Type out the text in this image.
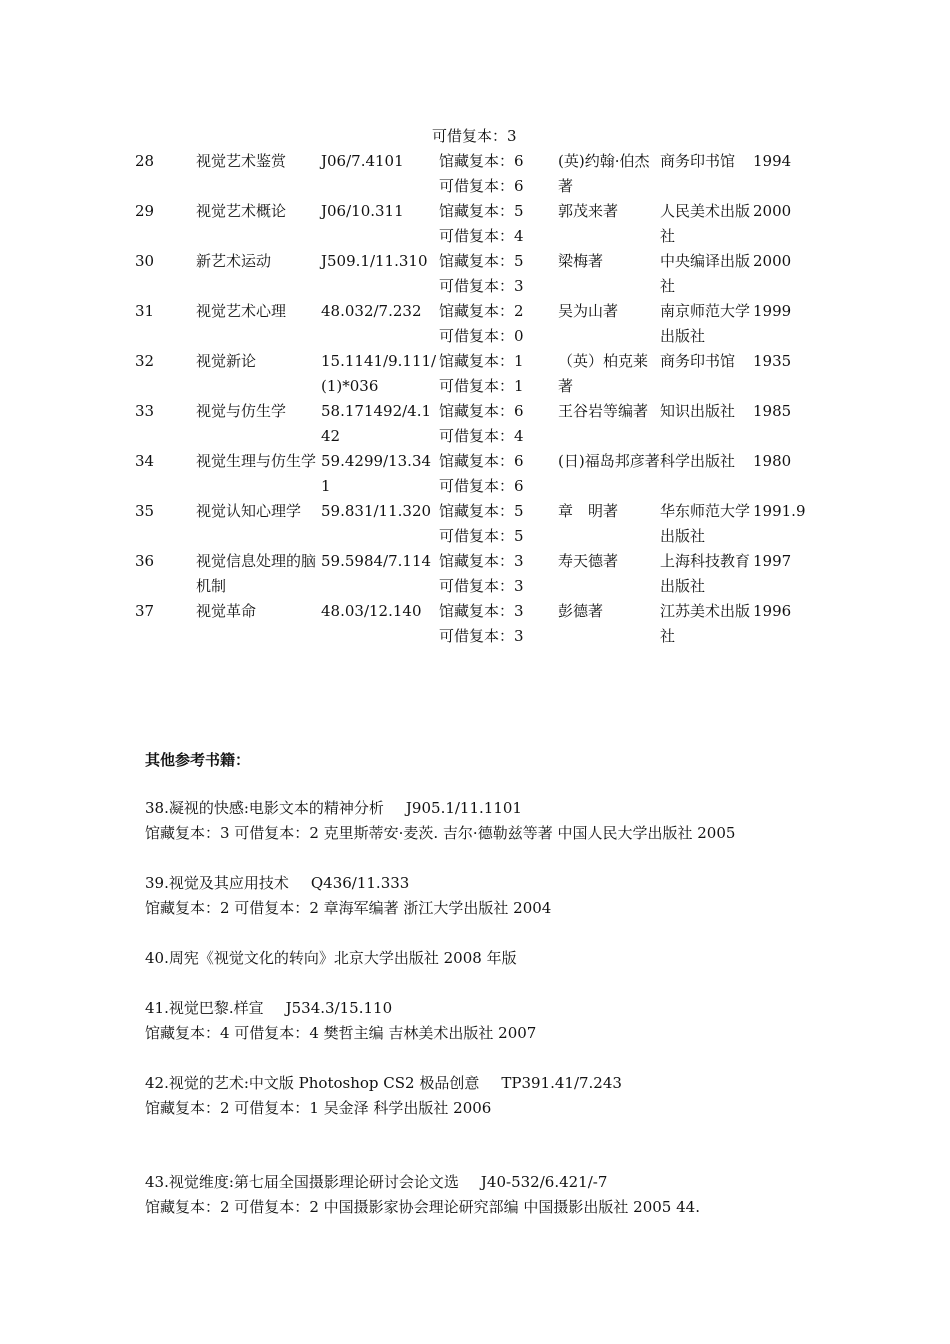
可借复本：3
28	视觉艺术鉴赏	J06/7.4101	馆藏复本：6
可借复本：6	(英)约翰·伯杰著	商务印书馆	1994
29	视觉艺术概论	J06/10.311	馆藏复本：5
可借复本：4	郭茂来著	人民美术出版社	2000
30	新艺术运动	J509.1/11.310	馆藏复本：5
可借复本：3	梁梅著	中央编译出版社	2000
31	视觉艺术心理	48.032/7.232	馆藏复本：2
可借复本：0	吴为山著	南京师范大学出版社	1999
32	视觉新论	15.1141/9.111/(1)*036	馆藏复本：1
可借复本：1	（英）柏克莱著	商务印书馆	1935
33	视觉与仿生学	58.171492/4.142	馆藏复本：6
可借复本：4	王谷岩等编著	知识出版社	1985
34	视觉生理与仿生学	59.4299/13.341	馆藏复本：6
可借复本：6	(日)福岛邦彦著	科学出版社	1980
35	视觉认知心理学	59.831/11.320	馆藏复本：5
可借复本：5	章　明著	华东师范大学出版社	1991.9
36	视觉信息处理的脑机制	59.5984/7.114	馆藏复本：3
可借复本：3	寿天德著	上海科技教育出版社	1997
37	视觉革命	48.03/12.140	馆藏复本：3
可借复本：3	彭德著	江苏美术出版社	1996
其他参考书籍：
38.凝视的快感:电影文本的精神分析 J905.1/11.1101
馆藏复本：3 可借复本：2 克里斯蒂安·麦茨. 吉尔·德勒兹等著 中国人民大学出版社 2005
39.视觉及其应用技术 Q436/11.333
馆藏复本：2 可借复本：2 章海军编著 浙江大学出版社 2004
40.周宪《视觉文化的转向》北京大学出版社 2008 年版
41.视觉巴黎.样宣 J534.3/15.110
馆藏复本：4 可借复本：4 樊哲主编 吉林美术出版社 2007
42.视觉的艺术:中文版 Photoshop CS2 极品创意 TP391.41/7.243
馆藏复本：2 可借复本：1 吴金泽 科学出版社 2006
43.视觉维度:第七届全国摄影理论研讨会论文选 J40-532/6.421/-7
馆藏复本：2 可借复本：2 中国摄影家协会理论研究部编 中国摄影出版社 2005 44.
